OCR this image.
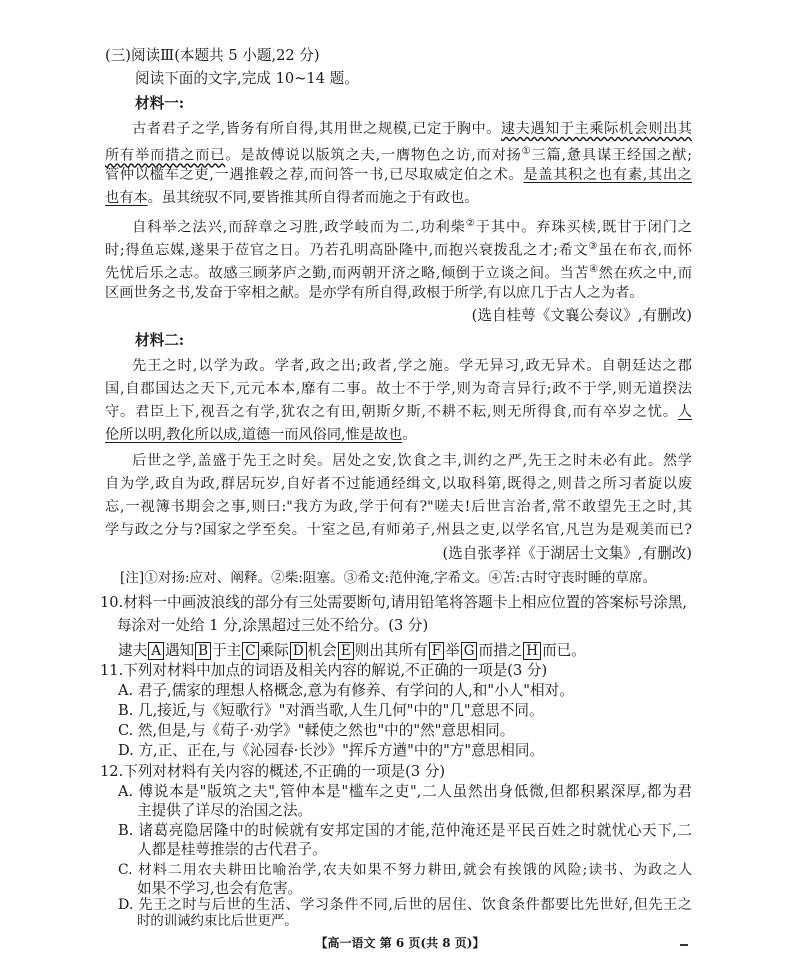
(三)阅读Ⅲ(本题共 5 小题,22 分)
阅读下面的文字,完成 10~14 题。
材料一:
古者君子之学,皆务有所自得,其用世之规模,已定于胸中。逮夫遇知于主乘际机会则出其
所有举而措之而已。是故傅说以版筑之夫,一膺物色之访,而对扬①三篇,惫具谋王经国之猷;
管仲以槛车之吏,一遇推毂之荐,而问答一书,已尽取威定伯之术。是盖其积之也有素,其出之
也有本。虽其统驭不同,要皆推其所自得者而施之于有政也。
自科举之法兴,而辞章之习胜,政学岐而为二,功利柴②于其中。弃珠买椟,既甘于闭门之
时;得鱼忘媒,遂果于莅官之日。乃若孔明高卧隆中,而抱兴衰拨乱之才;希文③虽在布衣,而怀
先忧后乐之志。故感三顾茅庐之勤,而两朝开济之略,倾倒于立谈之间。当苫④然在疚之中,而
区画世务之书,发奋于宰相之献。是亦学有所自得,政根于所学,有以庶几于古人之为者。
(选自桂萼《文襄公奏议》,有删改)
材料二:
先王之时,以学为政。学者,政之出;政者,学之施。学无异习,政无异术。自朝廷达之郡
国,自郡国达之天下,元元本本,靡有二事。故士不于学,则为奇言异行;政不于学,则无道揆法
守。君臣上下,视吾之有学,犹农之有田,朝斯夕斯,不耕不耘,则无所得食,而有卒岁之忧。人
伦所以明,教化所以成,道德一而风俗同,惟是故也。
后世之学,盖盛于先王之时矣。居处之安,饮食之丰,训约之严,先王之时未必有此。然学
自为学,政自为政,群居玩岁,自好者不过能通经缉文,以取科第,既得之,则昔之所习者旋以废
忘,一视簿书期会之事,则曰:"我方为政,学于何有?"嗟夫!后世言治者,常不敢望先王之时,其
学与政之分与?国家之学至矣。十室之邑,有师弟子,州县之吏,以学名官,凡岂为是观美而已?
(选自张孝祥《于湖居士文集》,有删改)
[注]①对扬:应对、阐释。②柴:阻塞。③希文:范仲淹,字希文。④苫:古时守丧时睡的草席。
10.材料一中画波浪线的部分有三处需要断句,请用铅笔将答题卡上相应位置的答案标号涂黑,
每涂对一处给 1 分,涂黑超过三处不给分。(3 分)
逮夫 A 遇知 B 于主 C 乘际 D 机会 E 则出其所有 F 举 G 而措之 H 而已。
11.下列对材料中加点的词语及相关内容的解说,不正确的一项是(3 分)
A. 君子,儒家的理想人格概念,意为有修养、有学问的人,和"小人"相对。
B. 几,接近,与《短歌行》"对酒当歌,人生几何"中的"几"意思不同。
C. 然,但是,与《荀子·劝学》"輮使之然也"中的"然"意思相同。
D. 方,正、正在,与《沁园春·长沙》"挥斥方遒"中的"方"意思相同。
12.下列对材料有关内容的概述,不正确的一项是(3 分)
A. 傅说本是"版筑之夫",管仲本是"槛车之吏",二人虽然出身低微,但都积累深厚,都为君
主提供了详尽的治国之法。
B. 诸葛亮隐居隆中的时候就有安邦定国的才能,范仲淹还是平民百姓之时就忧心天下,二
人都是桂萼推崇的古代君子。
C. 材料二用农夫耕田比喻治学,农夫如果不努力耕田,就会有挨饿的风险;读书、为政之人
如果不学习,也会有危害。
D. 先王之时与后世的生活、学习条件不同,后世的居住、饮食条件都要比先世好,但先王之
时的训诫约束比后世更严。
【高一语文 第 6 页(共 8 页)】
